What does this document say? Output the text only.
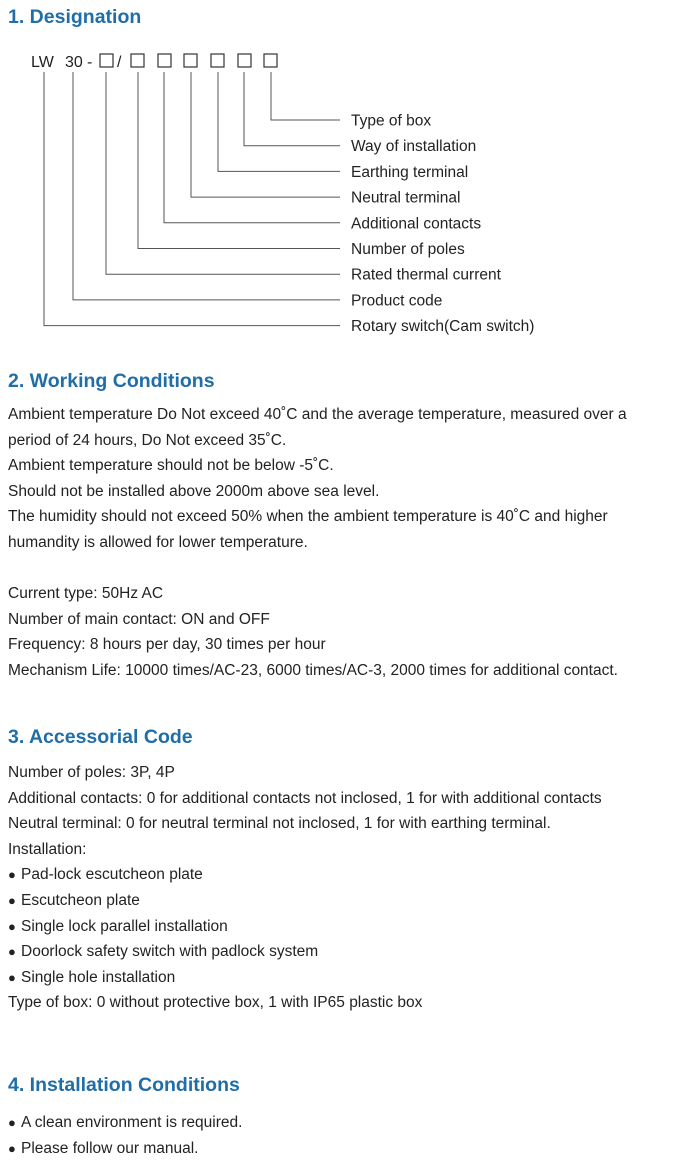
1. Designation
LW 30 - /
Type of box
Way of installation
Earthing terminal
Neutral terminal
Additional contacts
Number of poles
Rated thermal current
Product code
Rotary switch(Cam switch)
2. Working Conditions
Ambient temperature Do Not exceed 40˚C and the average temperature, measured over a
period of 24 hours, Do Not exceed 35˚C.
Ambient temperature should not be below -5˚C.
Should not be installed above 2000m above sea level.
The humidity should not exceed 50% when the ambient temperature is 40˚C and higher
humandity is allowed for lower temperature.
Current type: 50Hz AC
Number of main contact: ON and OFF
Frequency: 8 hours per day, 30 times per hour
Mechanism Life: 10000 times/AC-23, 6000 times/AC-3, 2000 times for additional contact.
3. Accessorial Code
Number of poles: 3P, 4P
Additional contacts: 0 for additional contacts not inclosed, 1 for with additional contacts
Neutral terminal: 0 for neutral terminal not inclosed, 1 for with earthing terminal.
Installation:
● Pad-lock escutcheon plate
● Escutcheon plate
● Single lock parallel installation
● Doorlock safety switch with padlock system
● Single hole installation
Type of box: 0 without protective box, 1 with IP65 plastic box
4. Installation Conditions
● A clean environment is required.
● Please follow our manual.
